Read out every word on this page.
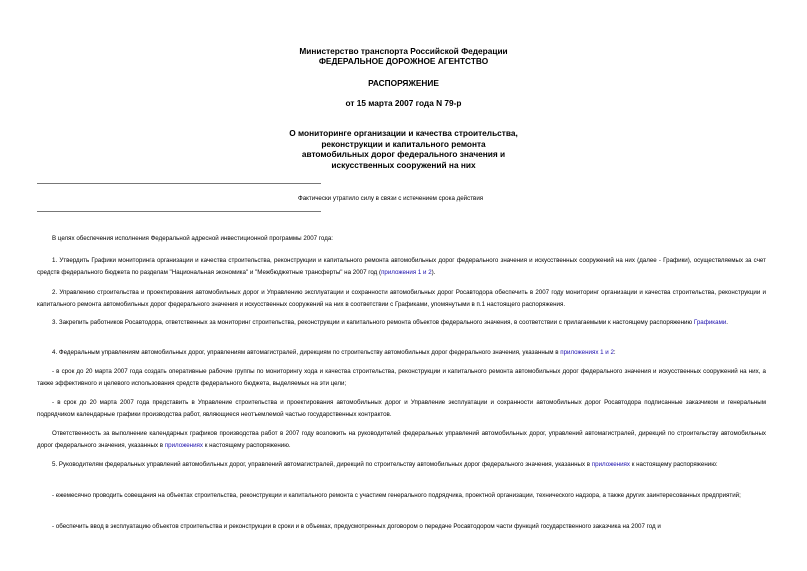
Министерство транспорта Российской Федерации
ФЕДЕРАЛЬНОЕ ДОРОЖНОЕ АГЕНТСТВО
РАСПОРЯЖЕНИЕ
от 15 марта 2007 года N 79-р
О мониторинге организации и качества строительства,
реконструкции и капитального ремонта
автомобильных дорог федерального значения и
искусственных сооружений на них
Фактически утратило силу в связи с истечением срока действия

В целях обеспечения исполнения Федеральной адресной инвестиционной программы 2007 года:

1. Утвердить Графики мониторинга организации и качества строительства, реконструкции и капитального ремонта автомобильных дорог федерального значения и искусственных сооружений на них (далее - Графики), осуществляемых за счет средств федерального бюджета по разделам "Национальная экономика" и "Межбюджетные трансферты" на 2007 год (приложения 1 и 2).

2. Управлению строительства и проектирования автомобильных дорог и Управлению эксплуатации и сохранности автомобильных дорог Росавтодора обеспечить в 2007 году мониторинг организации и качества строительства, реконструкции и капитального ремонта автомобильных дорог федерального значения и искусственных сооружений на них в соответствии с Графиками, упомянутыми в п.1 настоящего распоряжения.

3. Закрепить работников Росавтодора, ответственных за мониторинг строительства, реконструкции и капитального ремонта объектов федерального значения, в соответствии с прилагаемыми к настоящему распоряжению Графиками.

4. Федеральным управлениям автомобильных дорог, управлениям автомагистралей, дирекциям по строительству автомобильных дорог федерального значения, указанным в приложениях 1 и 2:

- в срок до 20 марта 2007 года создать оперативные рабочие группы по мониторингу хода и качества строительства, реконструкции и капитального ремонта автомобильных дорог федерального значения и искусственных сооружений на них, а также эффективного и целевого использования средств федерального бюджета, выделяемых на эти цели;

- в срок до 20 марта 2007 года представить в Управление строительства и проектирования автомобильных дорог и Управление эксплуатации и сохранности автомобильных дорог Росавтодора подписанные заказчиком и генеральным подрядчиком календарные графики производства работ, являющиеся неотъемлемой частью государственных контрактов.

Ответственность за выполнение календарных графиков производства работ в 2007 году возложить на руководителей федеральных управлений автомобильных дорог, управлений автомагистралей, дирекций по строительству автомобильных дорог федерального значения, указанных в приложениях к настоящему распоряжению.

5. Руководителям федеральных управлений автомобильных дорог, управлений автомагистралей, дирекций по строительству автомобильных дорог федерального значения, указанных в приложениях к настоящему распоряжению:

- ежемесячно проводить совещания на объектах строительства, реконструкции и капитального ремонта с участием генерального подрядчика, проектной организации, технического надзора, а также других заинтересованных предприятий;

- обеспечить ввод в эксплуатацию объектов строительства и реконструкции в сроки и в объемах, предусмотренных договором о передаче Росавтодором части функций государственного заказчика на 2007 год и
